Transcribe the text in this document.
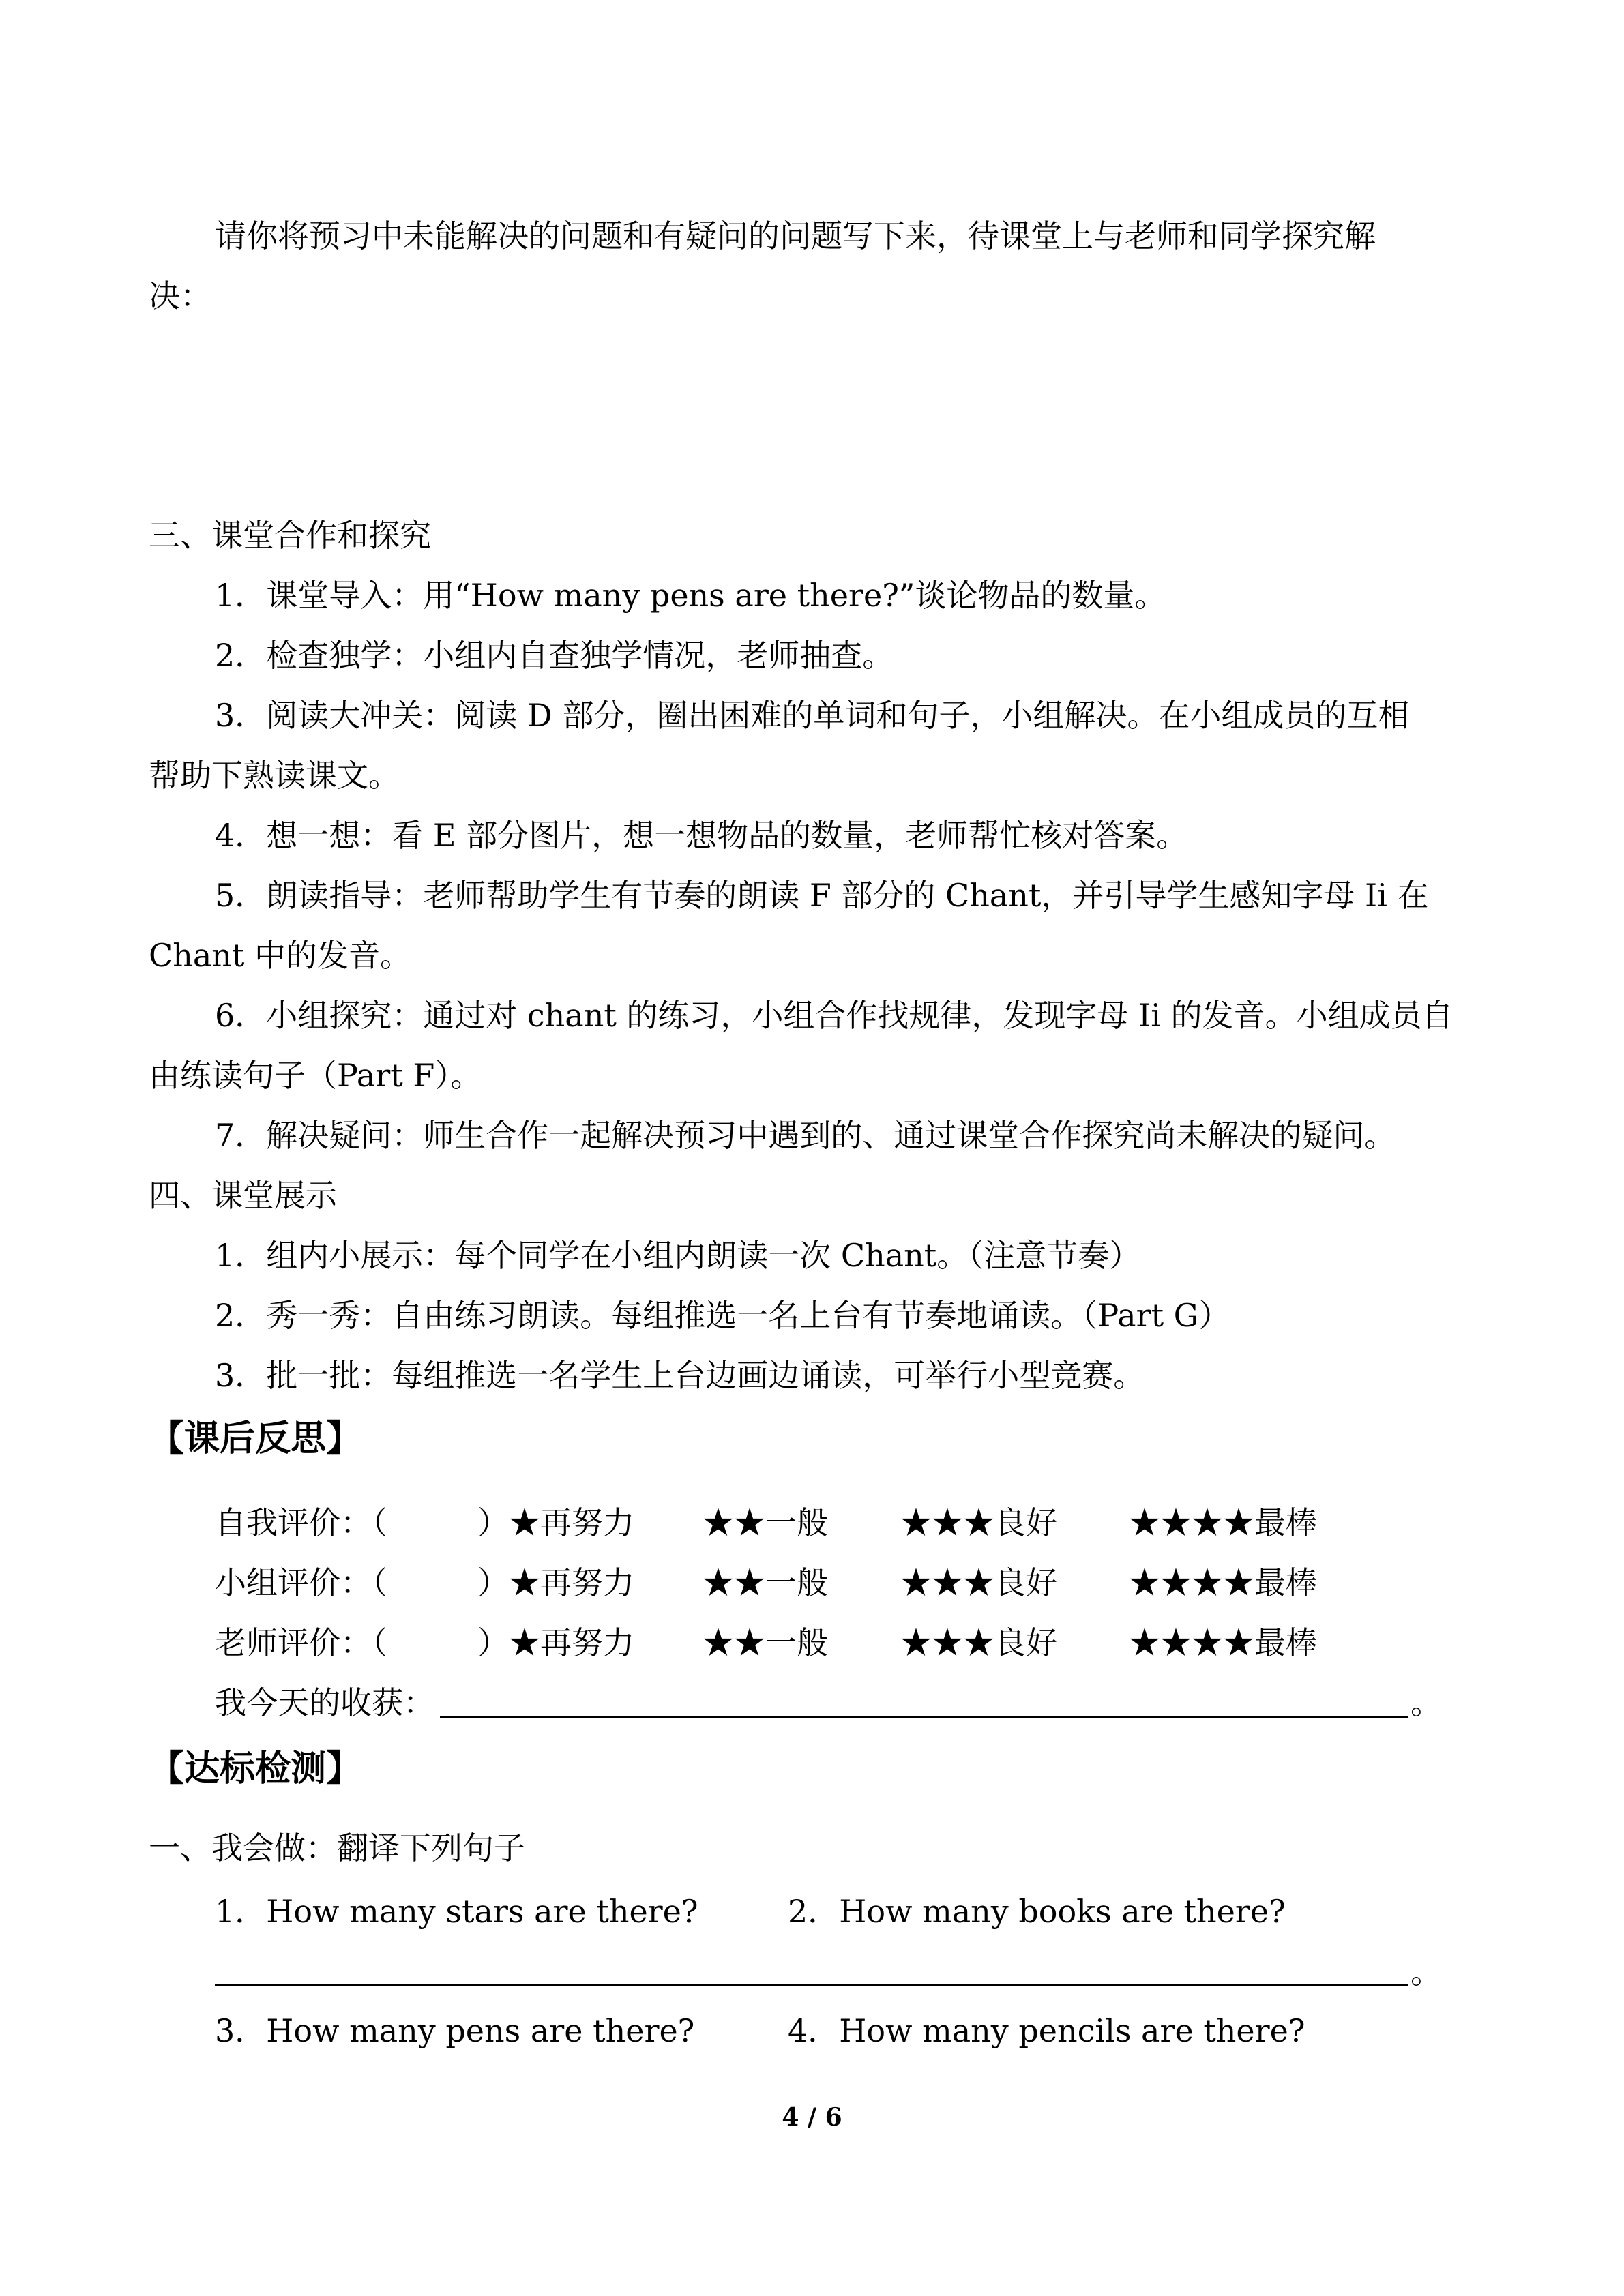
请你将预习中未能解决的问题和有疑问的问题写下来，待课堂上与老师和同学探究解
决：
三、课堂合作和探究
1．课堂导入：用“How many pens are there?”谈论物品的数量。
2．检查独学：小组内自查独学情况，老师抽查。
3．阅读大冲关：阅读 D 部分，圈出困难的单词和句子，小组解决。在小组成员的互相
帮助下熟读课文。
4．想一想：看 E 部分图片，想一想物品的数量，老师帮忙核对答案。
5．朗读指导：老师帮助学生有节奏的朗读 F 部分的 Chant，并引导学生感知字母 Ii 在
Chant 中的发音。
6．小组探究：通过对 chant 的练习，小组合作找规律，发现字母 Ii 的发音。小组成员自
由练读句子（Part F）。
7．解决疑问：师生合作一起解决预习中遇到的、通过课堂合作探究尚未解决的疑问。
四、课堂展示
1．组内小展示：每个同学在小组内朗读一次 Chant。（注意节奏）
2．秀一秀：自由练习朗读。每组推选一名上台有节奏地诵读。（Part G）
3．批一批：每组推选一名学生上台边画边诵读，可举行小型竞赛。
【课后反思】
自我评价：（	）★再努力 ★★一般 ★★★良好 ★★★★最棒
小组评价：（	）★再努力 ★★一般 ★★★良好 ★★★★最棒
老师评价：（	）★再努力 ★★一般 ★★★良好 ★★★★最棒
我今天的收获：	。
【达标检测】
一、我会做：翻译下列句子
1．How many stars are there?	2．How many books are there?
。
3．How many pens are there?	4．How many pencils are there?
4 / 6
